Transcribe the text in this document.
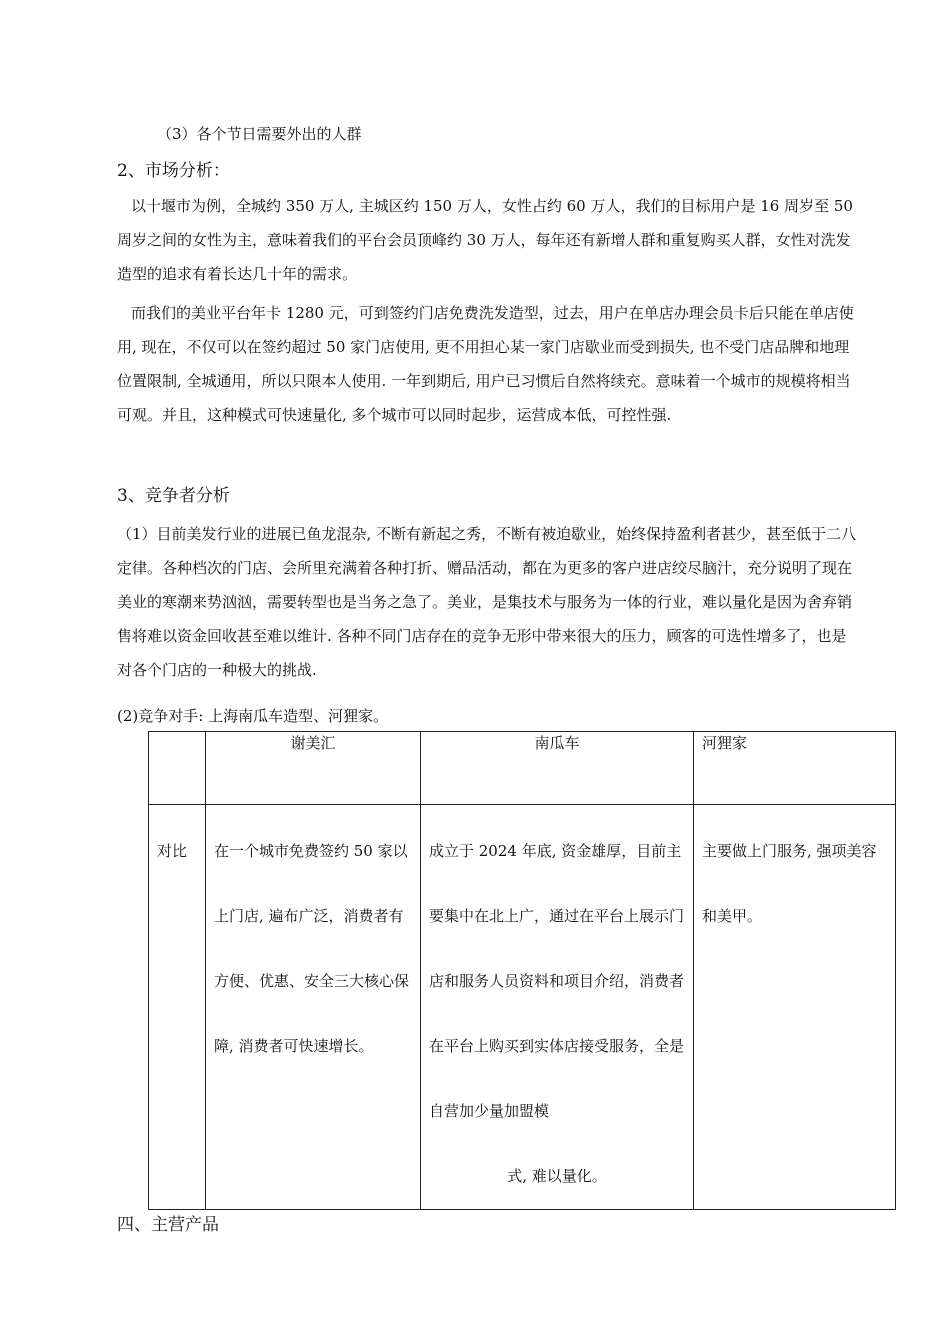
（3）各个节日需要外出的人群

2、市场分析：

以十堰市为例，全城约 350 万人, 主城区约 150 万人，女性占约 60 万人，我们的目标用户是 16 周岁至 50 周岁之间的女性为主，意味着我们的平台会员顶峰约 30 万人，每年还有新增人群和重复购买人群，女性对洗发造型的追求有着长达几十年的需求。

而我们的美业平台年卡 1280 元，可到签约门店免费洗发造型，过去，用户在单店办理会员卡后只能在单店使用, 现在，不仅可以在签约超过 50 家门店使用, 更不用担心某一家门店歇业而受到损失, 也不受门店品牌和地理位置限制, 全城通用，所以只限本人使用. 一年到期后, 用户已习惯后自然将续充。意味着一个城市的规模将相当可观。并且，这种模式可快速量化, 多个城市可以同时起步，运营成本低，可控性强.

3、竞争者分析

（1）目前美发行业的进展已鱼龙混杂, 不断有新起之秀，不断有被迫歇业，始终保持盈利者甚少，甚至低于二八定律。各种档次的门店、会所里充满着各种打折、赠品活动，都在为更多的客户进店绞尽脑汁，充分说明了现在美业的寒潮来势汹汹，需要转型也是当务之急了。美业，是集技术与服务为一体的行业，难以量化是因为舍弃销售将难以资金回收甚至难以维计. 各种不同门店存在的竞争无形中带来很大的压力，顾客的可选性增多了，也是对各个门店的一种极大的挑战.

(2)竞争对手: 上海南瓜车造型、河狸家。

	谢美汇	南瓜车	河狸家

对比	在一个城市免费签约 50 家以上门店, 遍布广泛，消费者有方便、优惠、安全三大核心保障, 消费者可快速增长。	成立于 2024 年底, 资金雄厚，目前主要集中在北上广，通过在平台上展示门店和服务人员资料和项目介绍，消费者在平台上购买到实体店接受服务，全是自营加少量加盟模
式, 难以量化。	主要做上门服务, 强项美容和美甲。

四、主营产品
